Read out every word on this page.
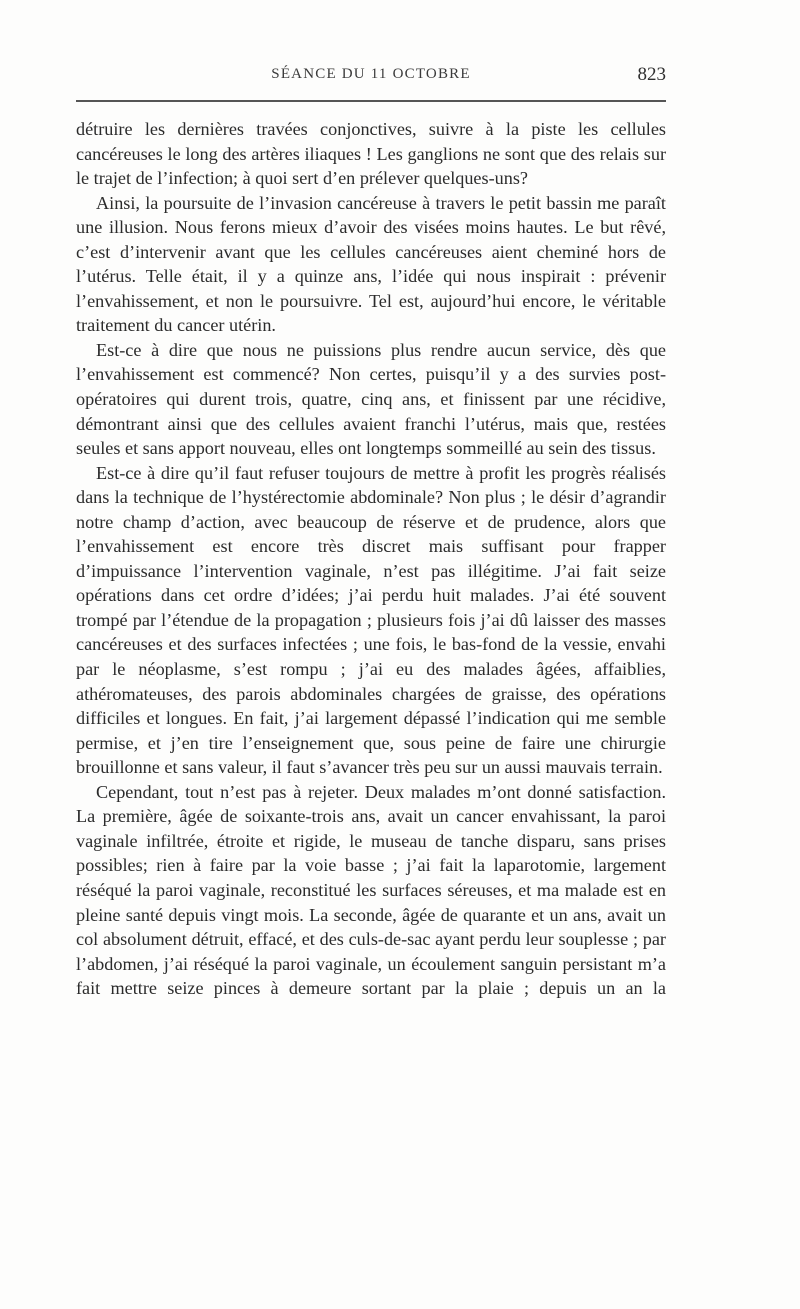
SÉANCE DU 11 OCTOBRE	823

détruire les dernières travées conjonctives, suivre à la piste les cellules cancéreuses le long des artères iliaques ! Les ganglions ne sont que des relais sur le trajet de l’infection; à quoi sert d’en prélever quelques-uns?

Ainsi, la poursuite de l’invasion cancéreuse à travers le petit bassin me paraît une illusion. Nous ferons mieux d’avoir des visées moins hautes. Le but rêvé, c’est d’intervenir avant que les cellules cancéreuses aient cheminé hors de l’utérus. Telle était, il y a quinze ans, l’idée qui nous inspirait : prévenir l’envahissement, et non le poursuivre. Tel est, aujourd’hui encore, le véritable traitement du cancer utérin.

Est-ce à dire que nous ne puissions plus rendre aucun service, dès que l’envahissement est commencé? Non certes, puisqu’il y a des survies post-opératoires qui durent trois, quatre, cinq ans, et finissent par une récidive, démontrant ainsi que des cellules avaient franchi l’utérus, mais que, restées seules et sans apport nouveau, elles ont longtemps sommeillé au sein des tissus.

Est-ce à dire qu’il faut refuser toujours de mettre à profit les progrès réalisés dans la technique de l’hystérectomie abdominale? Non plus ; le désir d’agrandir notre champ d’action, avec beaucoup de réserve et de prudence, alors que l’envahissement est encore très discret mais suffisant pour frapper d’impuissance l’intervention vaginale, n’est pas illégitime. J’ai fait seize opérations dans cet ordre d’idées; j’ai perdu huit malades. J’ai été souvent trompé par l’étendue de la propagation ; plusieurs fois j’ai dû laisser des masses cancéreuses et des surfaces infectées ; une fois, le bas-fond de la vessie, envahi par le néoplasme, s’est rompu ; j’ai eu des malades âgées, affaiblies, athéromateuses, des parois abdominales chargées de graisse, des opérations difficiles et longues. En fait, j’ai largement dépassé l’indication qui me semble permise, et j’en tire l’enseignement que, sous peine de faire une chirurgie brouillonne et sans valeur, il faut s’avancer très peu sur un aussi mauvais terrain.

Cependant, tout n’est pas à rejeter. Deux malades m’ont donné satisfaction. La première, âgée de soixante-trois ans, avait un cancer envahissant, la paroi vaginale infiltrée, étroite et rigide, le museau de tanche disparu, sans prises possibles; rien à faire par la voie basse ; j’ai fait la laparotomie, largement réséqué la paroi vaginale, reconstitué les surfaces séreuses, et ma malade est en pleine santé depuis vingt mois. La seconde, âgée de quarante et un ans, avait un col absolument détruit, effacé, et des culs-de-sac ayant perdu leur souplesse ; par l’abdomen, j’ai réséqué la paroi vaginale, un écoulement sanguin persistant m’a fait mettre seize pinces à demeure sortant par la plaie ; depuis un an la
